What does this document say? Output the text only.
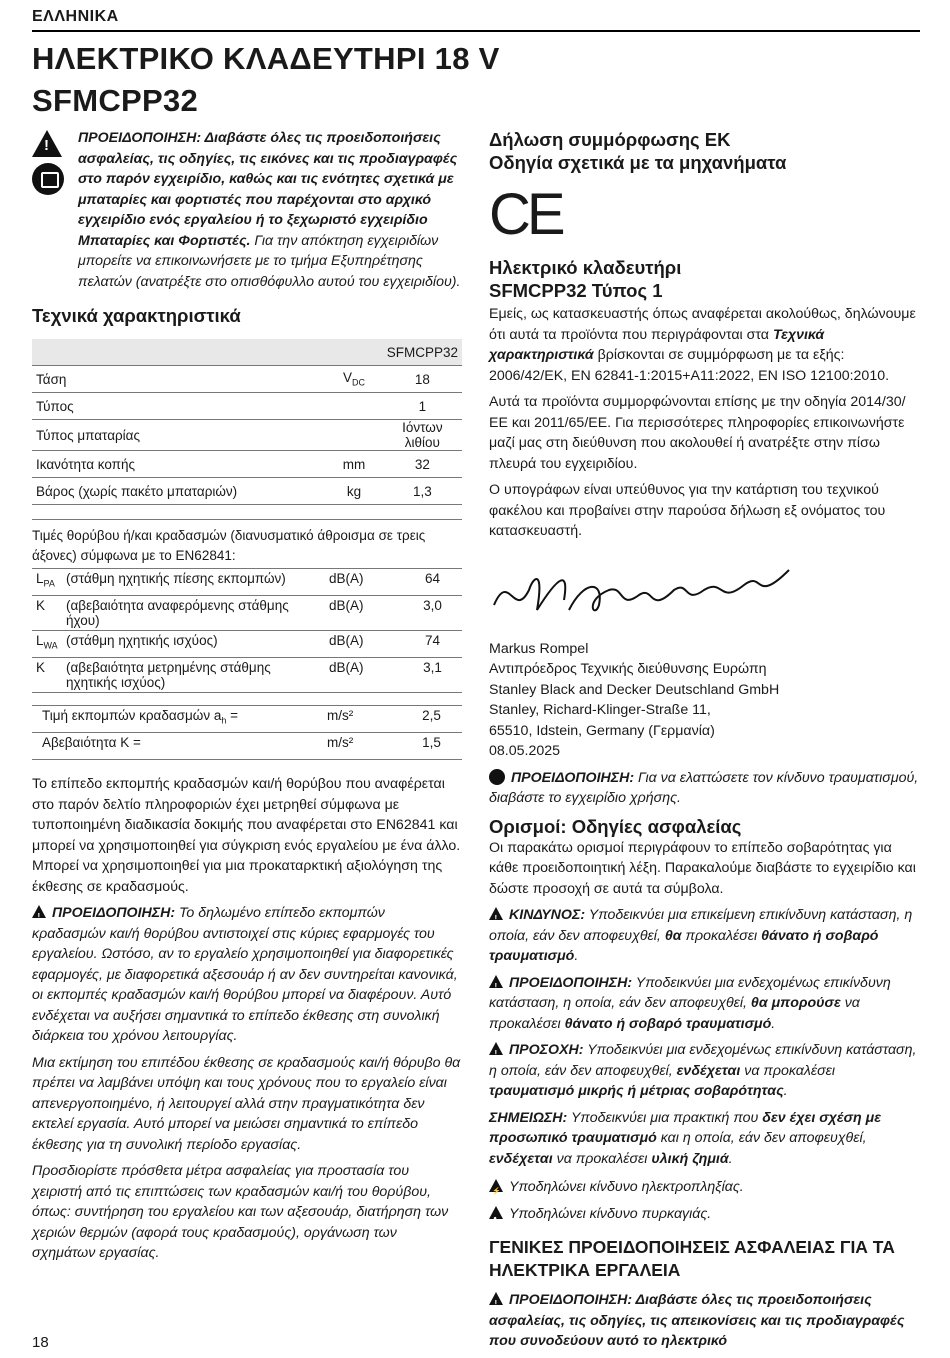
ΕΛΛΗΝΙΚΑ
ΗΛΕΚΤΡΙΚΟ ΚΛΑΔΕΥΤΗΡΙ 18 V
SFMCPP32
!
ΠΡΟΕΙΔΟΠΟΙΗΣΗ: Διαβάστε όλες τις προειδοποιήσεις ασφαλείας, τις οδηγίες, τις εικόνες και τις προδιαγραφές στο παρόν εγχειρίδιο, καθώς και τις ενότητες σχετικά με μπαταρίες και φορτιστές που παρέχονται στο αρχικό εγχειρίδιο ενός εργαλείου ή το ξεχωριστό εγχειρίδιο Μπαταρίες και Φορτιστές. Για την απόκτηση εγχειριδίων μπορείτε να επικοινωνήσετε με το τμήμα Εξυπηρέτησης πελατών (ανατρέξτε στο οπισθόφυλλο αυτού του εγχειριδίου).
Τεχνικά χαρακτηριστικά
		SFMCPP32
Τάση	$V_{DC}$	18
Τύπος		1
Τύπος μπαταρίας		Ιόντων λιθίου
Ικανότητα κοπής	mm	32
Βάρος (χωρίς πακέτο μπαταριών)	kg	1,3
Τιμές θορύβου ή/και κραδασμών (διανυσματικό άθροισμα σε τρεις άξονες) σύμφωνα με το EN62841:
$L_{PA}$	(στάθμη ηχητικής πίεσης εκπομπών)	dB(A)	64
K	(αβεβαιότητα αναφερόμενης στάθμης ήχου)	dB(A)	3,0
$L_{WA}$	(στάθμη ηχητικής ισχύος)	dB(A)	74
K	(αβεβαιότητα μετρημένης στάθμης ηχητικής ισχύος)	dB(A)	3,1
Τιμή εκπομπών κραδασμών $a_h$ =	m/s²	2,5
Αβεβαιότητα K =	m/s²	1,5

Το επίπεδο εκπομπής κραδασμών και/ή θορύβου που αναφέρεται στο παρόν δελτίο πληροφοριών έχει μετρηθεί σύμφωνα με τυποποιημένη διαδικασία δοκιμής που αναφέρεται στο EN62841 και μπορεί να χρησιμοποιηθεί για σύγκριση ενός εργαλείου με ένα άλλο. Μπορεί να χρησιμοποιηθεί για μια προκαταρκτική αξιολόγηση της έκθεσης σε κραδασμούς.

!ΠΡΟΕΙΔΟΠΟΙΗΣΗ: Το δηλωμένο επίπεδο εκπομπών κραδασμών και/ή θορύβου αντιστοιχεί στις κύριες εφαρμογές του εργαλείου. Ωστόσο, αν το εργαλείο χρησιμοποιηθεί για διαφορετικές εφαρμογές, με διαφορετικά αξεσουάρ ή αν δεν συντηρείται κανονικά, οι εκπομπές κραδασμών και/ή θορύβου μπορεί να διαφέρουν. Αυτό ενδέχεται να αυξήσει σημαντικά το επίπεδο έκθεσης στη συνολική διάρκεια του χρόνου λειτουργίας.

Μια εκτίμηση του επιπέδου έκθεσης σε κραδασμούς και/ή θόρυβο θα πρέπει να λαμβάνει υπόψη και τους χρόνους που το εργαλείο είναι απενεργοποιημένο, ή λειτουργεί αλλά στην πραγματικότητα δεν εκτελεί εργασία. Αυτό μπορεί να μειώσει σημαντικά το επίπεδο έκθεσης για τη συνολική περίοδο εργασίας.

Προσδιορίστε πρόσθετα μέτρα ασφαλείας για προστασία του χειριστή από τις επιπτώσεις των κραδασμών και/ή του θορύβου, όπως: συντήρηση του εργαλείου και των αξεσουάρ, διατήρηση των χεριών θερμών (αφορά τους κραδασμούς), οργάνωση των σχημάτων εργασίας.

Δήλωση συμμόρφωσης ΕΚ
Οδηγία σχετικά με τα μηχανήματα
CE
Ηλεκτρικό κλαδευτήρι
SFMCPP32 Τύπος 1

Εμείς, ως κατασκευαστής όπως αναφέρεται ακολούθως, δηλώνουμε ότι αυτά τα προϊόντα που περιγράφονται στα Τεχνικά χαρακτηριστικά βρίσκονται σε συμμόρφωση με τα εξής:
2006/42/ΕΚ, EN 62841-1:2015+A11:2022, EN ISO 12100:2010.

Αυτά τα προϊόντα συμμορφώνονται επίσης με την οδηγία 2014/30/ΕΕ και 2011/65/ΕΕ. Για περισσότερες πληροφορίες επικοινωνήστε μαζί μας στη διεύθυνση που ακολουθεί ή ανατρέξτε στην πίσω πλευρά του εγχειριδίου.

Ο υπογράφων είναι υπεύθυνος για την κατάρτιση του τεχνικού φακέλου και προβαίνει στην παρούσα δήλωση εξ ονόματος του κατασκευαστή.

Markus Rompel

Αντιπρόεδρος Τεχνικής διεύθυνσης Ευρώπη

Stanley Black and Decker Deutschland GmbH

Stanley, Richard-Klinger-Straße 11,

65510, Idstein, Germany (Γερμανία)

08.05.2025

ΠΡΟΕΙΔΟΠΟΙΗΣΗ: Για να ελαττώσετε τον κίνδυνο τραυματισμού, διαβάστε το εγχειρίδιο χρήσης.

Ορισμοί: Οδηγίες ασφαλείας

Οι παρακάτω ορισμοί περιγράφουν το επίπεδο σοβαρότητας για κάθε προειδοποιητική λέξη. Παρακαλούμε διαβάστε το εγχειρίδιο και δώστε προσοχή σε αυτά τα σύμβολα.

!ΚΙΝΔΥΝΟΣ: Υποδεικνύει μια επικείμενη επικίνδυνη κατάσταση, η οποία, εάν δεν αποφευχθεί, θα προκαλέσει θάνατο ή σοβαρό τραυματισμό.

!ΠΡΟΕΙΔΟΠΟΙΗΣΗ: Υποδεικνύει μια ενδεχομένως επικίνδυνη κατάσταση, η οποία, εάν δεν αποφευχθεί, θα μπορούσε να προκαλέσει θάνατο ή σοβαρό τραυματισμό.

!ΠΡΟΣΟΧΗ: Υποδεικνύει μια ενδεχομένως επικίνδυνη κατάσταση, η οποία, εάν δεν αποφευχθεί, ενδέχεται να προκαλέσει τραυματισμό μικρής ή μέτριας σοβαρότητας.

ΣΗΜΕΙΩΣΗ: Υποδεικνύει μια πρακτική που δεν έχει σχέση με προσωπικό τραυματισμό και η οποία, εάν δεν αποφευχθεί, ενδέχεται να προκαλέσει υλική ζημιά.

⚡Υποδηλώνει κίνδυνο ηλεκτροπληξίας.

•Υποδηλώνει κίνδυνο πυρκαγιάς.

ΓΕΝΙΚΕΣ ΠΡΟΕΙΔΟΠΟΙΗΣΕΙΣ ΑΣΦΑΛΕΙΑΣ ΓΙΑ ΤΑ ΗΛΕΚΤΡΙΚΑ ΕΡΓΑΛΕΙΑ

!ΠΡΟΕΙΔΟΠΟΙΗΣΗ: Διαβάστε όλες τις προειδοποιήσεις ασφαλείας, τις οδηγίες, τις απεικονίσεις και τις προδιαγραφές που συνοδεύουν αυτό το ηλεκτρικό

18
